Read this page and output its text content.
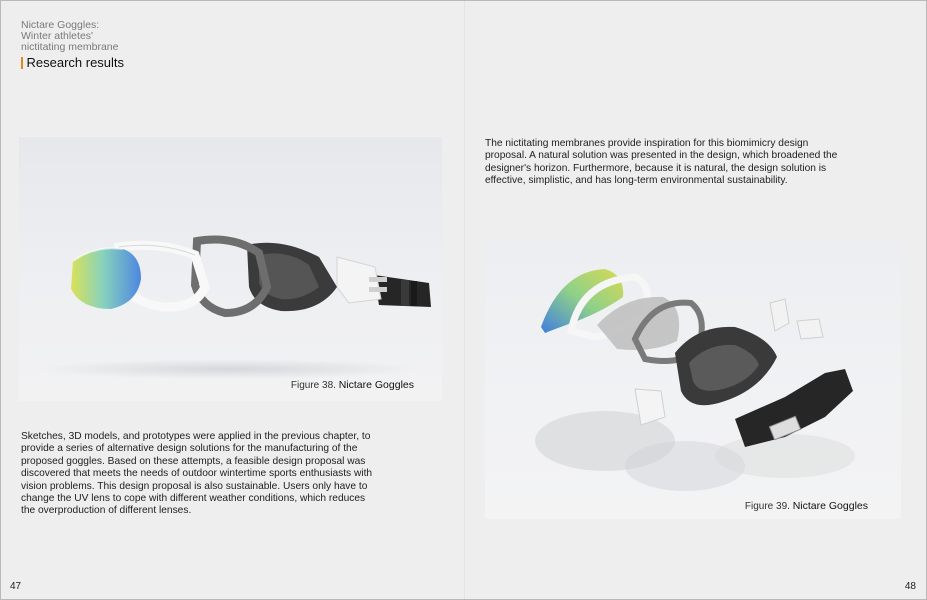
Nictare Goggles:
Winter athletes'
nictitating membrane
Research results
Figure 38. Nictare Goggles
Figure 39. Nictare Goggles

Sketches, 3D models, and prototypes were applied in the previous chapter, to provide a series of alternative design solutions for the manufacturing of the proposed goggles. Based on these attempts, a feasible design proposal was discovered that meets the needs of outdoor wintertime sports enthusiasts with vision problems. This design proposal is also sustainable. Users only have to change the UV lens to cope with different weather conditions, which reduces the overproduction of different lenses.

The nictitating membranes provide inspiration for this biomimicry design proposal. A natural solution was presented in the design, which broadened the designer's horizon. Furthermore, because it is natural, the design solution is effective, simplistic, and has long-term environmental sustainability.

47	48
